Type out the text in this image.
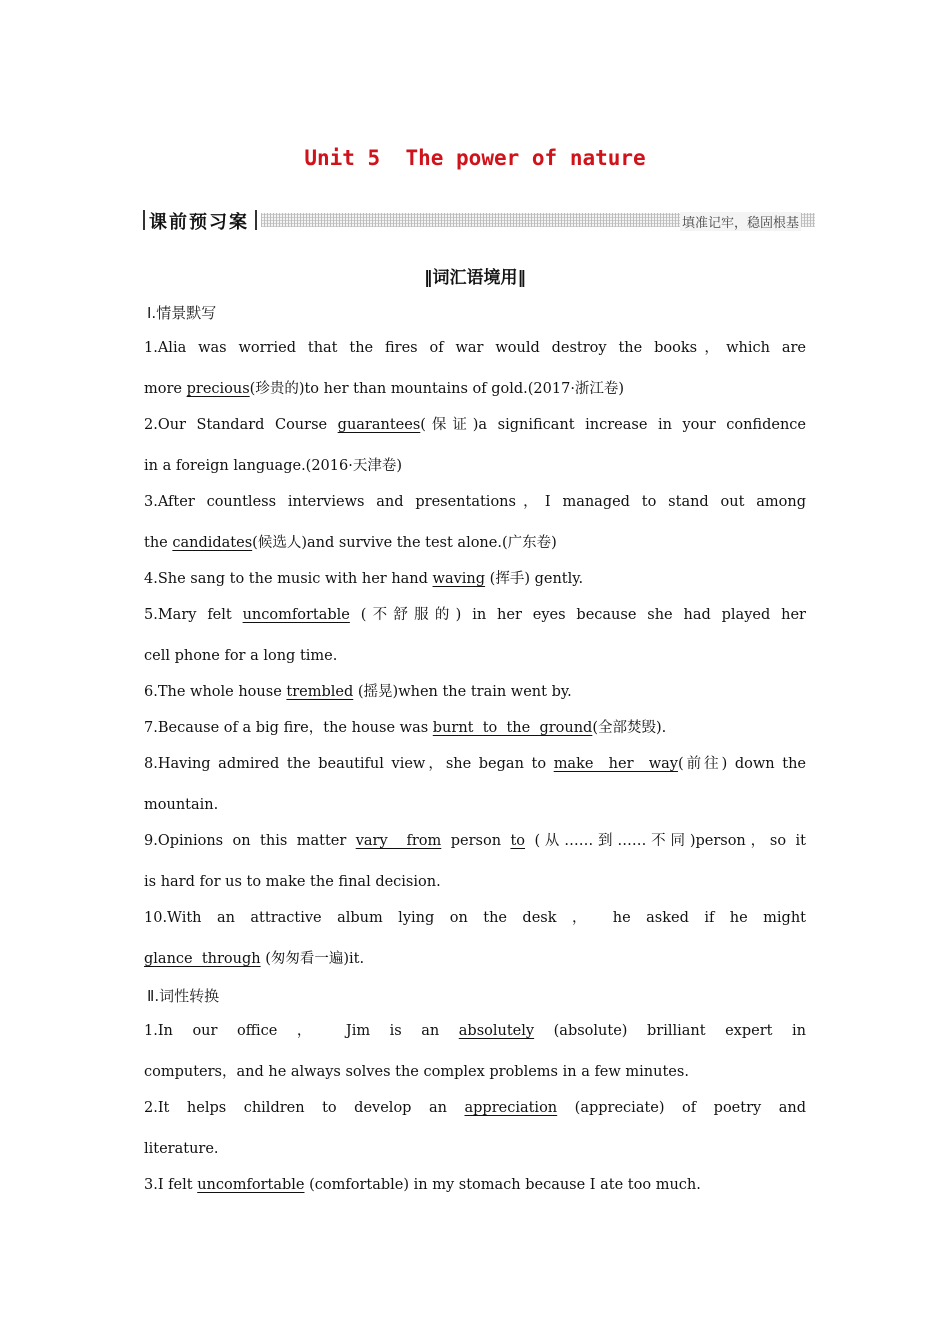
Unit 5  The power of nature
课前预习案	填准记牢，稳固根基
‖词汇语境用‖
Ⅰ.情景默写
1.Alia was worried that the fires of war would destroy the books，which are
more precious(珍贵的)to her than mountains of gold.(2017·浙江卷)
2.Our Standard Course guarantees(保证)a significant increase in your confidence
in a foreign language.(2016·天津卷)
3.After countless interviews and presentations，I managed to stand out among
the candidates(候选人)and survive the test alone.(广东卷)
4.She sang to the music with her hand waving (挥手) gently.
5.Mary felt uncomfortable (不舒服的) in her eyes because she had played her
cell phone for a long time.
6.The whole house trembled (摇晃)when the train went by.
7.Because of a big fire，the house was burnt  to  the  ground(全部焚毁).
8.Having admired the beautiful view，she began to make  her  way(前往) down the
mountain.
9.Opinions on this matter vary  from person to (从……到……不同)person，so it
is hard for us to make the final decision.
10.With an attractive album lying on the desk ， he asked if he might
glance  through (匆匆看一遍)it.
Ⅱ.词性转换
1.In our office ， Jim is an absolutely (absolute) brilliant expert in
computers，and he always solves the complex problems in a few minutes.
2.It helps children to develop an appreciation (appreciate) of poetry and
literature.
3.I felt uncomfortable (comfortable) in my stomach because I ate too much.
